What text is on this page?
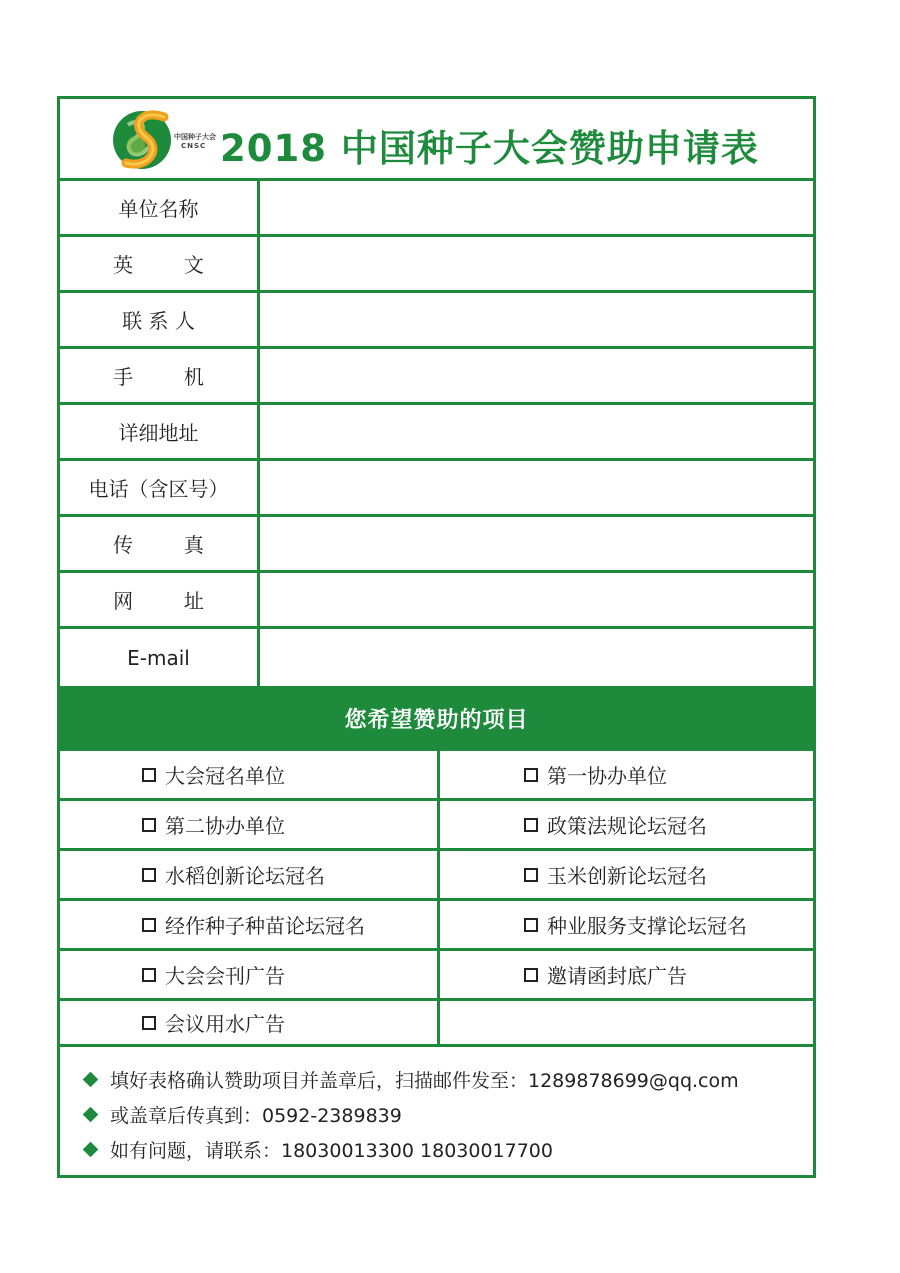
中国种子大会
CNSC 2018 中国种子大会赞助申请表
单位名称
英        文
联 系 人
手        机
详细地址
电话（含区号）
传        真
网        址
E-mail
您希望赞助的项目
大会冠名单位	第一协办单位
第二协办单位	政策法规论坛冠名
水稻创新论坛冠名	玉米创新论坛冠名
经作种子种苗论坛冠名	种业服务支撑论坛冠名
大会会刊广告	邀请函封底广告
会议用水广告
填好表格确认赞助项目并盖章后，扫描邮件发至：1289878699@qq.com
或盖章后传真到：0592-2389839
如有问题，请联系：18030013300 18030017700
